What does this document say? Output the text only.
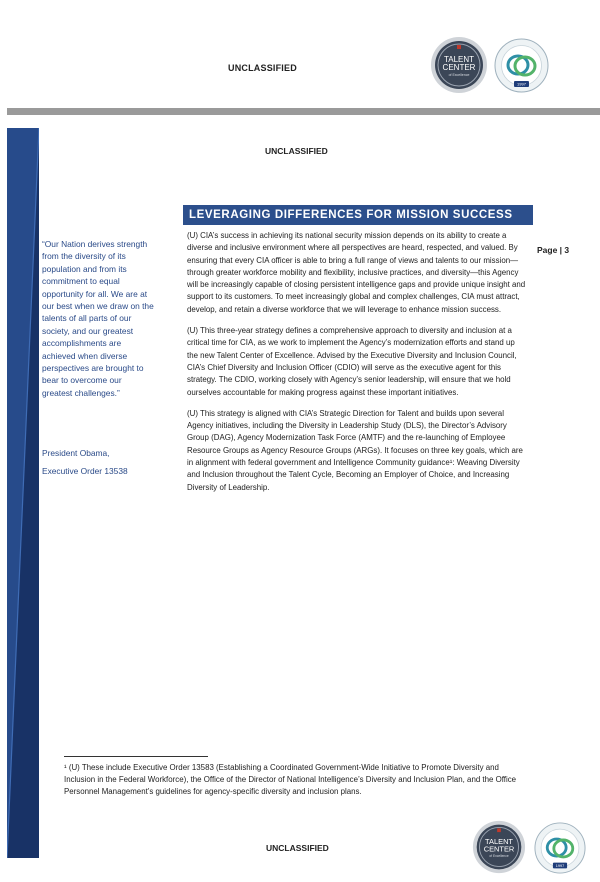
UNCLASSIFIED
TALENT
CENTER
of Excellence
1997
UNCLASSIFIED
LEVERAGING DIFFERENCES FOR MISSION SUCCESS
Page | 3
“Our Nation derives strength from the diversity of its population and from its commitment to equal opportunity for all. We are at our best when we draw on the talents of all parts of our society, and our greatest accomplishments are achieved when diverse perspectives are brought to bear to overcome our greatest challenges.”
President Obama,
Executive Order 13538

(U) CIA’s success in achieving its national security mission depends on its ability to create a diverse and inclusive environment where all perspectives are heard, respected, and valued. By ensuring that every CIA officer is able to bring a full range of views and talents to our mission—through greater workforce mobility and flexibility, inclusive practices, and diversity—this Agency will be increasingly capable of closing persistent intelligence gaps and provide unique insight and support to its customers. To meet increasingly global and complex challenges, CIA must attract, develop, and retain a diverse workforce that we will leverage to enhance mission success.

(U) This three-year strategy defines a comprehensive approach to diversity and inclusion at a critical time for CIA, as we work to implement the Agency’s modernization efforts and stand up the new Talent Center of Excellence. Advised by the Executive Diversity and Inclusion Council, CIA’s Chief Diversity and Inclusion Officer (CDIO) will serve as the executive agent for this strategy. The CDIO, working closely with Agency’s senior leadership, will ensure that we hold ourselves accountable for making progress against these important initiatives.

(U) This strategy is aligned with CIA’s Strategic Direction for Talent and builds upon several Agency initiatives, including the Diversity in Leadership Study (DLS), the Director’s Advisory Group (DAG), Agency Modernization Task Force (AMTF) and the re-launching of Employee Resource Groups as Agency Resource Groups (ARGs). It focuses on three key goals, which are in alignment with federal government and Intelligence Community guidance¹: Weaving Diversity and Inclusion throughout the Talent Cycle, Becoming an Employer of Choice, and Increasing Diversity of Leadership.

¹ (U) These include Executive Order 13583 (Establishing a Coordinated Government-Wide Initiative to Promote Diversity and Inclusion in the Federal Workforce), the Office of the Director of National Intelligence’s Diversity and Inclusion Plan, and the Office Personnel Management’s guidelines for agency-specific diversity and inclusion plans.
UNCLASSIFIED
TALENT
CENTER
of Excellence
1997
